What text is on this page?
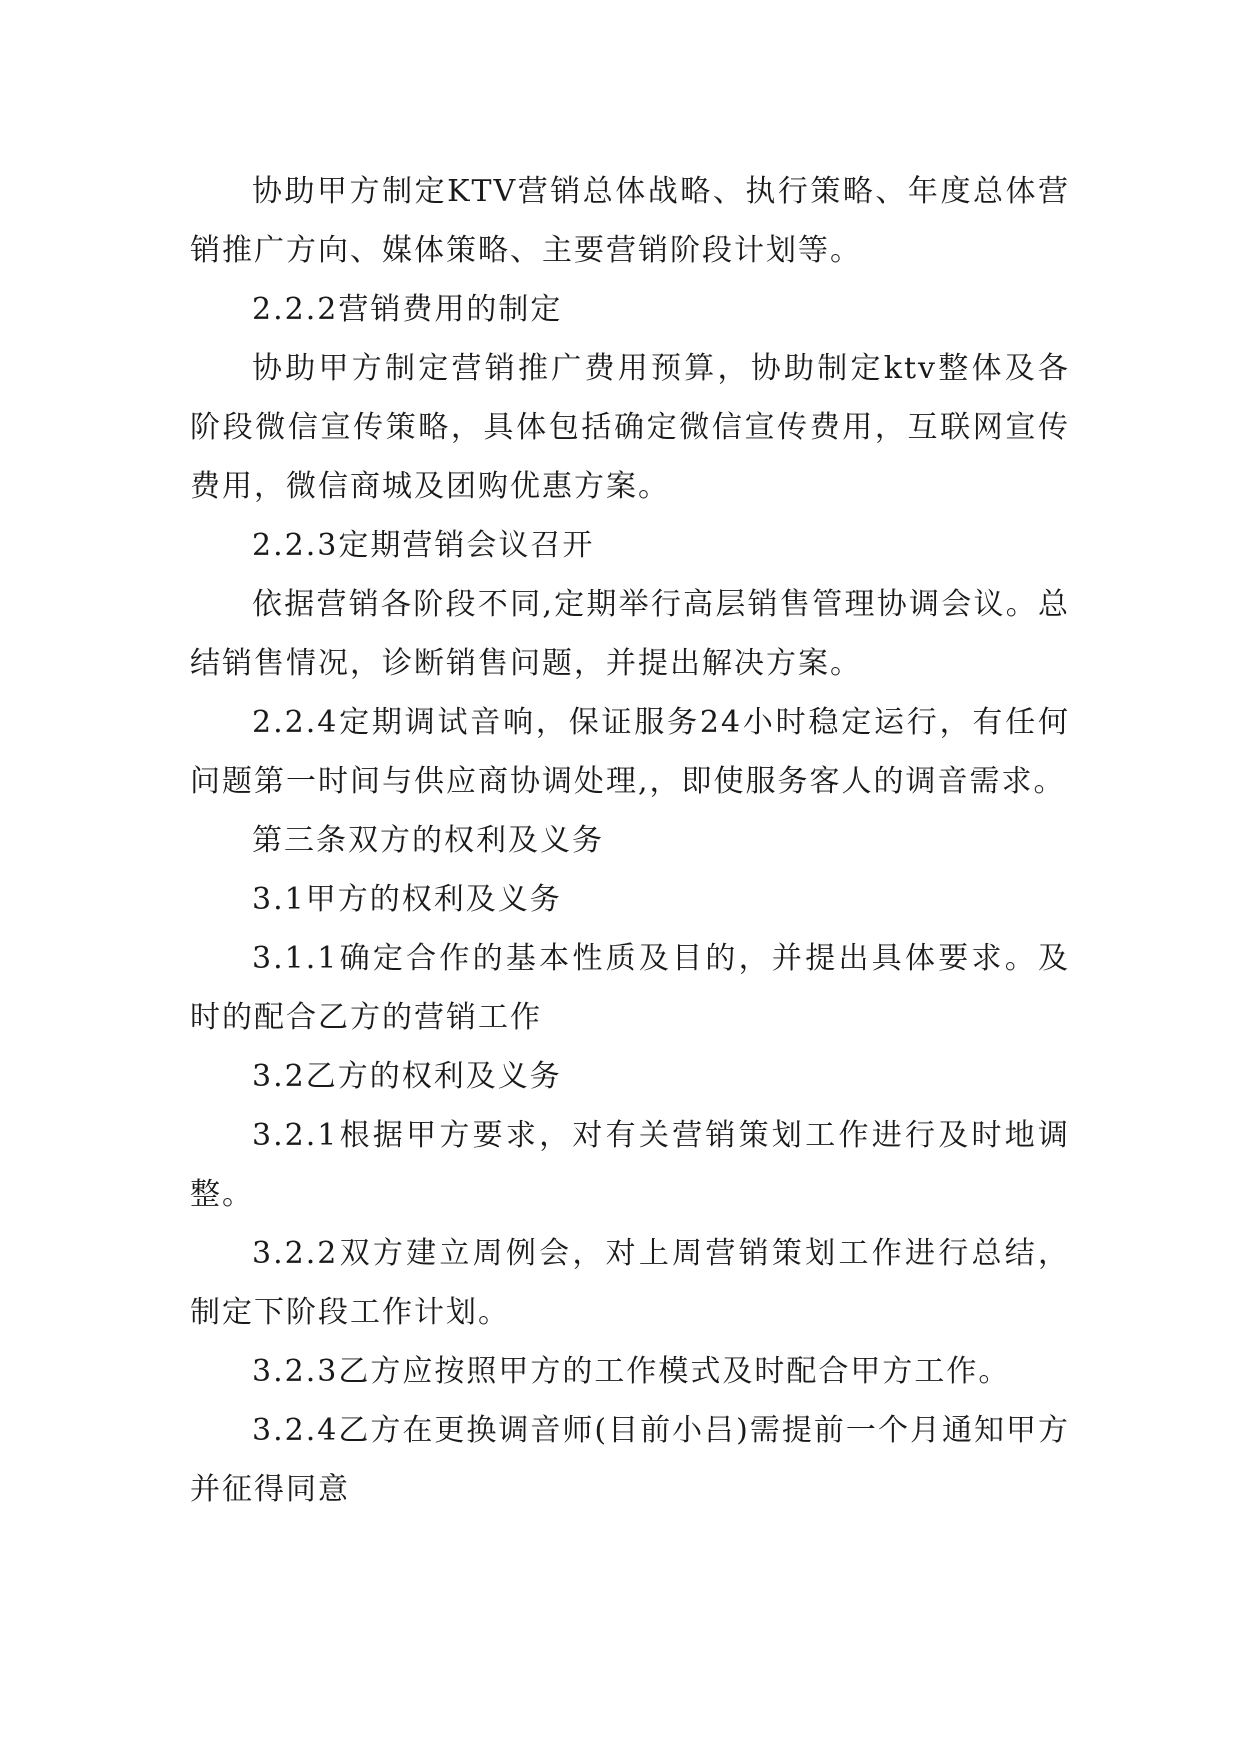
协助甲方制定KTV营销总体战略、执行策略、年度总体营销推广方向、媒体策略、主要营销阶段计划等。

2.2.2营销费用的制定

协助甲方制定营销推广费用预算，协助制定ktv整体及各阶段微信宣传策略，具体包括确定微信宣传费用，互联网宣传费用，微信商城及团购优惠方案。

2.2.3定期营销会议召开

依据营销各阶段不同,定期举行高层销售管理协调会议。总结销售情况，诊断销售问题，并提出解决方案。

2.2.4定期调试音响，保证服务24小时稳定运行，有任何问题第一时间与供应商协调处理,，即使服务客人的调音需求。

第三条双方的权利及义务

3.1甲方的权利及义务

3.1.1确定合作的基本性质及目的，并提出具体要求。及时的配合乙方的营销工作

3.2乙方的权利及义务

3.2.1根据甲方要求，对有关营销策划工作进行及时地调整。

3.2.2双方建立周例会，对上周营销策划工作进行总结，制定下阶段工作计划。

3.2.3乙方应按照甲方的工作模式及时配合甲方工作。

3.2.4乙方在更换调音师(目前小吕)需提前一个月通知甲方并征得同意
